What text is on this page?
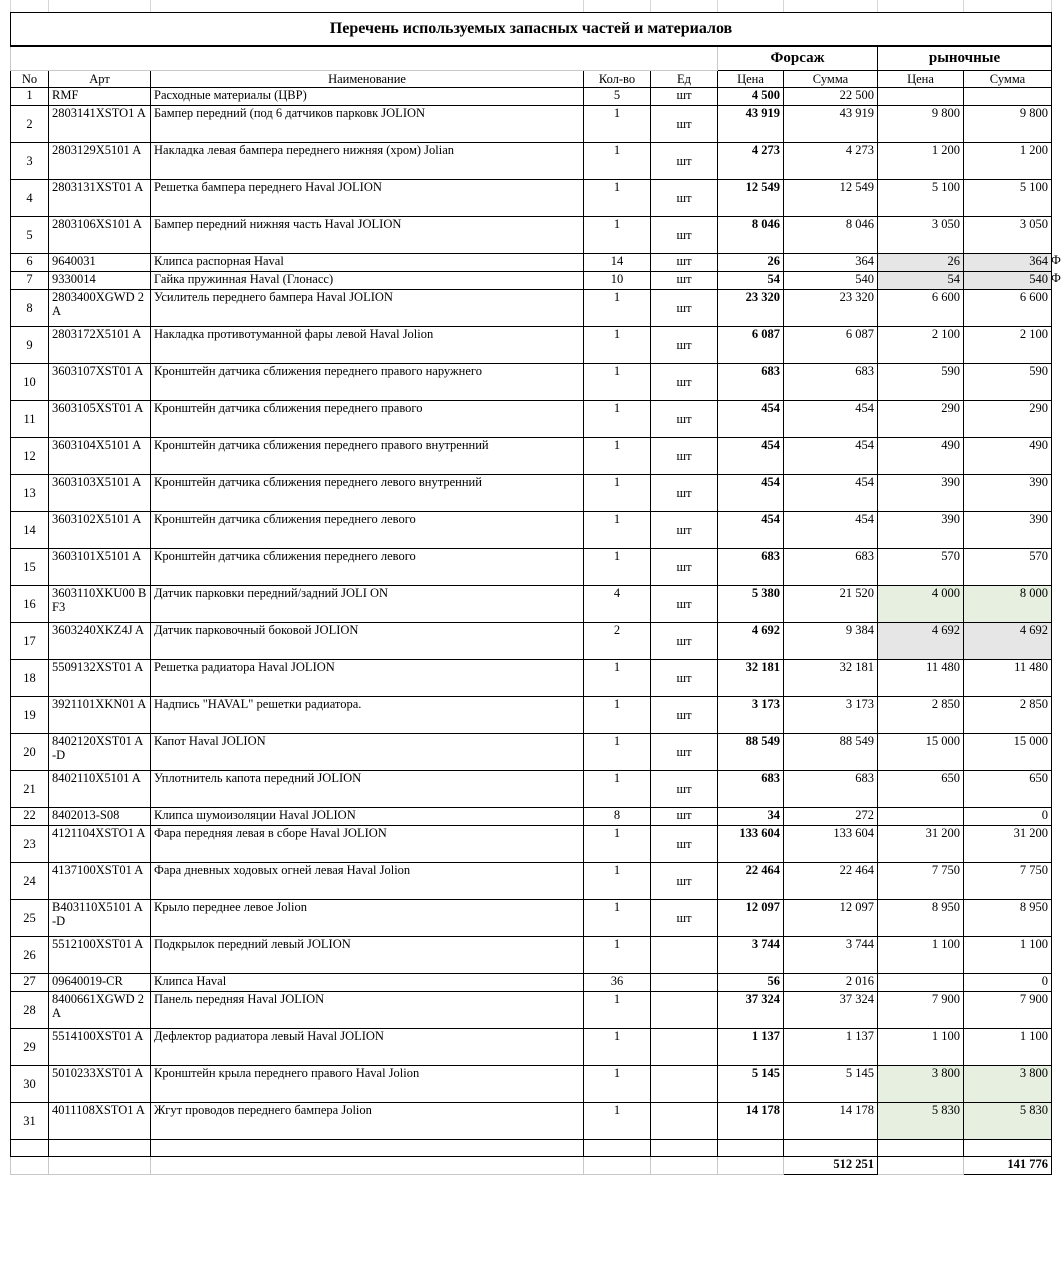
Перечень используемых запасных частей и материалов								
					Форсаж		рыночные	
No	Арт	Наименование	Кол-во	Ед	Цена	Сумма	Цена	Сумма
1	RMF	Расходные материалы (ЦВР)	5	шт	4 500	22 500		
2	2803141XSTO1 A	Бампер передний (под 6 датчиков парковк JOLION	1	шт	43 919	43 919	9 800	9 800
3	2803129X5101 A	Накладка левая бампера переднего нижняя (хром) Jolian	1	шт	4 273	4 273	1 200	1 200
4	2803131XST01 A	Решетка бампера переднего Haval JOLION	1	шт	12 549	12 549	5 100	5 100
5	2803106XS101 A	Бампер передний нижняя часть Haval JOLION	1	шт	8 046	8 046	3 050	3 050
6	9640031	Клипса распорная Haval	14	шт	26	364	26	364
7	9330014	Гайка пружинная Haval (Глонасс)	10	шт	54	540	54	540
8	2803400XGWD 2A	Усилитель переднего бампера Haval JOLION	1	шт	23 320	23 320	6 600	6 600
9	2803172X5101 A	Накладка противотуманной фары левой Haval Jolion	1	шт	6 087	6 087	2 100	2 100
10	3603107XST01 A	Кронштейн датчика сближения переднего правого наружнего	1	шт	683	683	590	590
11	3603105XST01 A	Кронштейн датчика сближения переднего правого	1	шт	454	454	290	290
12	3603104X5101 A	Кронштейн датчика сближения переднего правого внутренний	1	шт	454	454	490	490
13	3603103X5101 A	Кронштейн датчика сближения переднего левого внутренний	1	шт	454	454	390	390
14	3603102X5101 A	Кронштейн датчика сближения переднего левого	1	шт	454	454	390	390
15	3603101X5101 A	Кронштейн датчика сближения переднего левого	1	шт	683	683	570	570
16	3603110XKU00 BF3	Датчик парковки передний/задний JOLI ON	4	шт	5 380	21 520	4 000	8 000
17	3603240XKZ4J A	Датчик парковочный боковой JOLION	2	шт	4 692	9 384	4 692	4 692
18	5509132XST01 A	Решетка радиатора Haval JOLION	1	шт	32 181	32 181	11 480	11 480
19	3921101XKN01 A	Надпись "HAVAL" решетки радиатора.	1	шт	3 173	3 173	2 850	2 850
20	8402120XST01 A-D	Капот Haval JOLION	1	шт	88 549	88 549	15 000	15 000
21	8402110X5101 A	Уплотнитель капота передний JOLION	1	шт	683	683	650	650
22	8402013-S08	Клипса шумоизоляции Haval JOLION	8	шт	34	272		0
23	4121104XSTO1 A	Фара передняя левая в сборе Haval JOLION	1	шт	133 604	133 604	31 200	31 200
24	4137100XST01 A	Фара дневных ходовых огней левая Haval Jolion	1	шт	22 464	22 464	7 750	7 750
25	B403110X5101 A-D	Крыло переднее левое Jolion	1	шт	12 097	12 097	8 950	8 950
26	5512100XST01 A	Подкрылок передний левый JOLION	1		3 744	3 744	1 100	1 100
27	09640019-CR	Клипса Haval	36		56	2 016		0
28	8400661XGWD 2A	Панель передняя Haval JOLION	1		37 324	37 324	7 900	7 900
29	5514100XST01 A	Дефлектор радиатора левый Haval JOLION	1		1 137	1 137	1 100	1 100
30	5010233XST01 A	Кронштейн крыла переднего правого Haval Jolion	1		5 145	5 145	3 800	3 800
31	4011108XSTO1 A	Жгут проводов переднего бампера Jolion	1		14 178	14 178	5 830	5 830

						512 251		141 776
Ф
Ф
